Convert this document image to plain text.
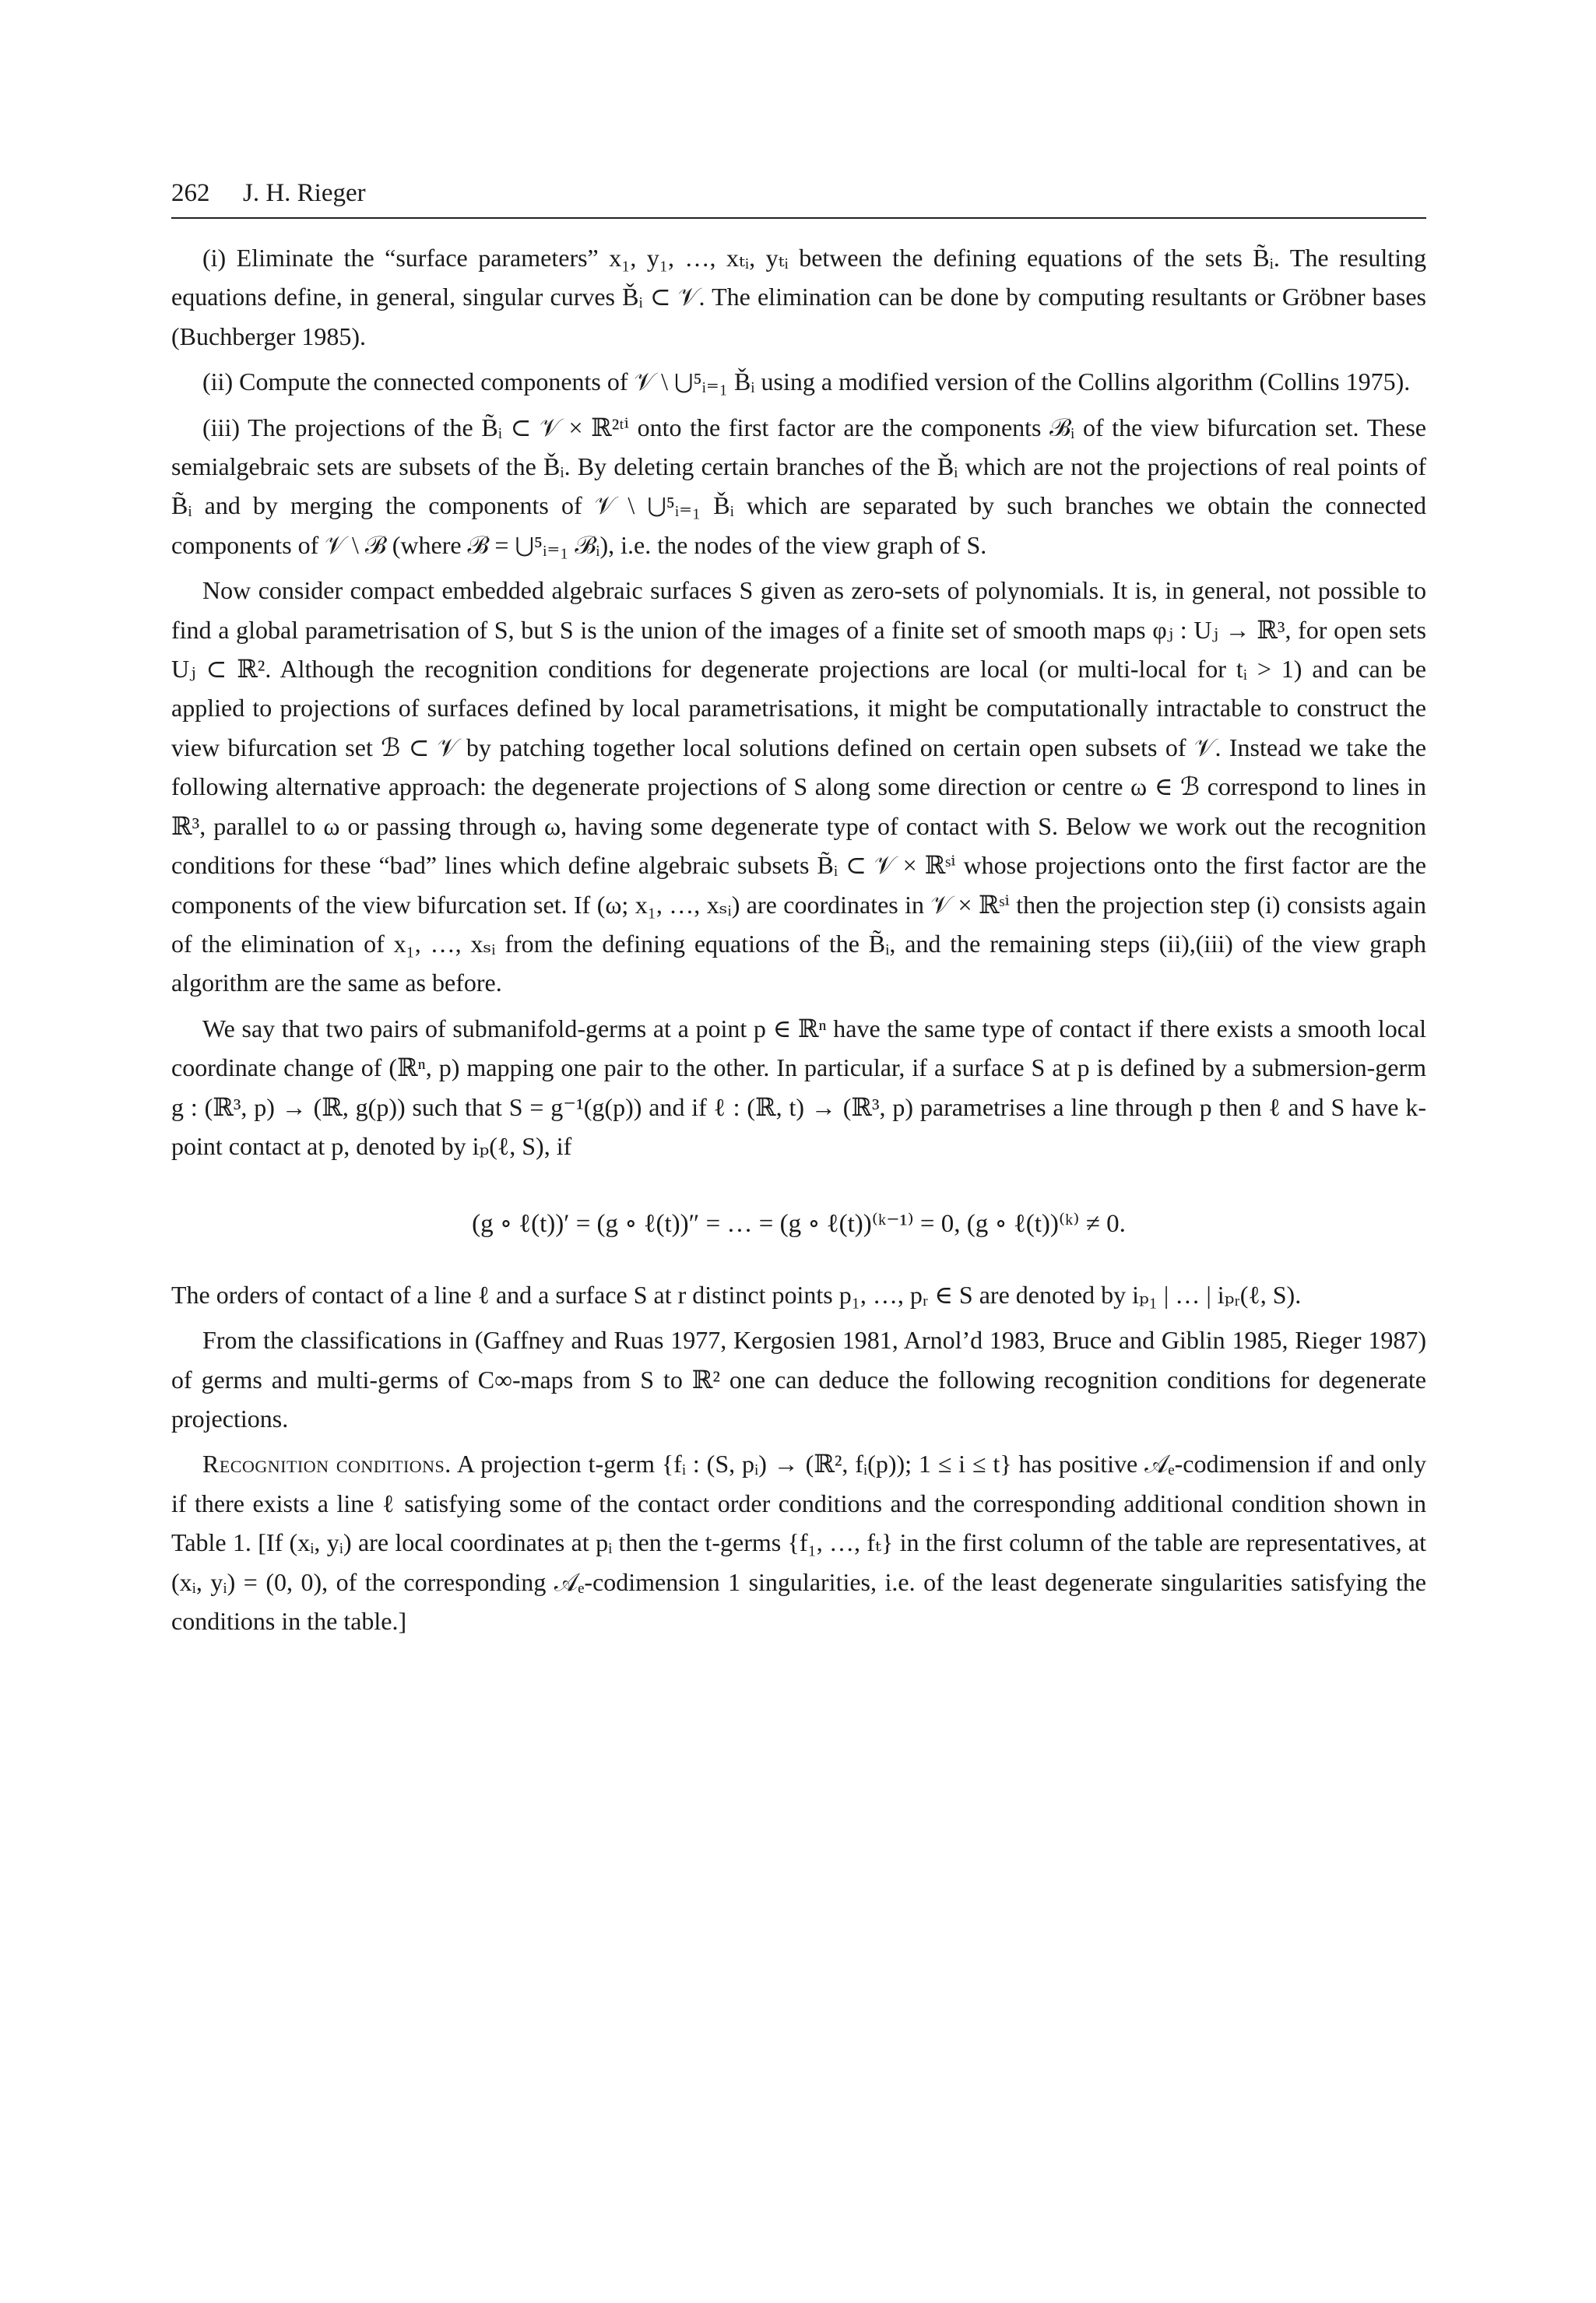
262 J. H. Rieger

(i) Eliminate the “surface parameters” x₁, y₁, …, xₜᵢ, yₜᵢ between the defining equations of the sets B̃ᵢ. The resulting equations define, in general, singular curves B̌ᵢ ⊂ 𝒱. The elimination can be done by computing resultants or Gröbner bases (Buchberger 1985).

(ii) Compute the connected components of 𝒱 \ ⋃⁵ᵢ₌₁ B̌ᵢ using a modified version of the Collins algorithm (Collins 1975).

(iii) The projections of the B̃ᵢ ⊂ 𝒱 × ℝ²ᵗⁱ onto the first factor are the components ℬᵢ of the view bifurcation set. These semialgebraic sets are subsets of the B̌ᵢ. By deleting certain branches of the B̌ᵢ which are not the projections of real points of B̃ᵢ and by merging the components of 𝒱 \ ⋃⁵ᵢ₌₁ B̌ᵢ which are separated by such branches we obtain the connected components of 𝒱 \ ℬ (where ℬ = ⋃⁵ᵢ₌₁ ℬᵢ), i.e. the nodes of the view graph of S.

Now consider compact embedded algebraic surfaces S given as zero-sets of polynomials. It is, in general, not possible to find a global parametrisation of S, but S is the union of the images of a finite set of smooth maps φⱼ : Uⱼ → ℝ³, for open sets Uⱼ ⊂ ℝ². Although the recognition conditions for degenerate projections are local (or multi-local for tᵢ > 1) and can be applied to projections of surfaces defined by local parametrisations, it might be computationally intractable to construct the view bifurcation set ℬ ⊂ 𝒱 by patching together local solutions defined on certain open subsets of 𝒱. Instead we take the following alternative approach: the degenerate projections of S along some direction or centre ω ∈ ℬ correspond to lines in ℝ³, parallel to ω or passing through ω, having some degenerate type of contact with S. Below we work out the recognition conditions for these “bad” lines which define algebraic subsets B̃ᵢ ⊂ 𝒱 × ℝˢⁱ whose projections onto the first factor are the components of the view bifurcation set. If (ω; x₁, …, xₛᵢ) are coordinates in 𝒱 × ℝˢⁱ then the projection step (i) consists again of the elimination of x₁, …, xₛᵢ from the defining equations of the B̃ᵢ, and the remaining steps (ii),(iii) of the view graph algorithm are the same as before.

We say that two pairs of submanifold-germs at a point p ∈ ℝⁿ have the same type of contact if there exists a smooth local coordinate change of (ℝⁿ, p) mapping one pair to the other. In particular, if a surface S at p is defined by a submersion-germ g : (ℝ³, p) → (ℝ, g(p)) such that S = g⁻¹(g(p)) and if ℓ : (ℝ, t) → (ℝ³, p) parametrises a line through p then ℓ and S have k-point contact at p, denoted by iₚ(ℓ, S), if

(g ∘ ℓ(t))′ = (g ∘ ℓ(t))″ = … = (g ∘ ℓ(t))⁽ᵏ⁻¹⁾ = 0, (g ∘ ℓ(t))⁽ᵏ⁾ ≠ 0.

The orders of contact of a line ℓ and a surface S at r distinct points p₁, …, pᵣ ∈ S are denoted by iₚ₁ | … | iₚᵣ(ℓ, S).

From the classifications in (Gaffney and Ruas 1977, Kergosien 1981, Arnol’d 1983, Bruce and Giblin 1985, Rieger 1987) of germs and multi-germs of C∞-maps from S to ℝ² one can deduce the following recognition conditions for degenerate projections.

Recognition conditions. A projection t-germ {fᵢ : (S, pᵢ) → (ℝ², fᵢ(p)); 1 ≤ i ≤ t} has positive 𝒜ₑ-codimension if and only if there exists a line ℓ satisfying some of the contact order conditions and the corresponding additional condition shown in Table 1. [If (xᵢ, yᵢ) are local coordinates at pᵢ then the t-germs {f₁, …, fₜ} in the first column of the table are representatives, at (xᵢ, yᵢ) = (0, 0), of the corresponding 𝒜ₑ-codimension 1 singularities, i.e. of the least degenerate singularities satisfying the conditions in the table.]
